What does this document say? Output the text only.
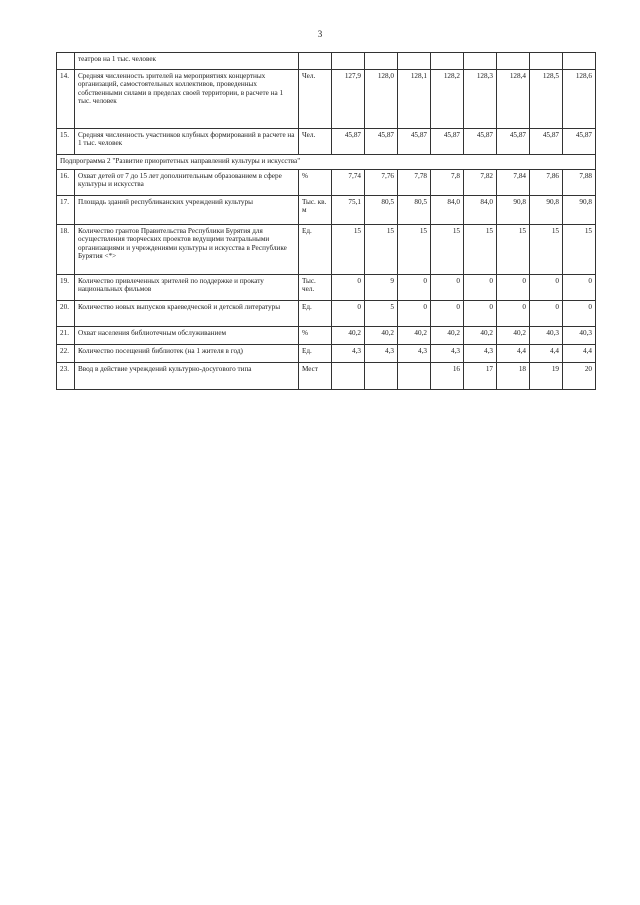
3
	театров на 1 тыс. человек									
14.	Средняя численность зрителей на мероприятиях концертных организаций, самостоятельных коллективов, проведенных собственными силами в пределах своей территории, в расчете на 1 тыс. человек	Чел.	127,9	128,0	128,1	128,2	128,3	128,4	128,5	128,6
15.	Средняя численность участников клубных формирований в расчете на 1 тыс. человек	Чел.	45,87	45,87	45,87	45,87	45,87	45,87	45,87	45,87
Подпрограмма 2 "Развитие приоритетных направлений культуры и искусства"										
16.	Охват детей от 7 до 15 лет дополнительным образованием в сфере культуры и искусства	%	7,74	7,76	7,78	7,8	7,82	7,84	7,86	7,88
17.	Площадь зданий республиканских учреждений культуры	Тыс. кв. м	75,1	80,5	80,5	84,0	84,0	90,8	90,8	90,8
18.	Количество грантов Правительства Республики Бурятия для осуществления творческих проектов ведущими театральными организациями и учреждениями культуры и искусства в Республике Бурятия <*>	Ед.	15	15	15	15	15	15	15	15
19.	Количество привлеченных зрителей по поддержке и прокату национальных фильмов	Тыс. чел.	0	9	0	0	0	0	0	0
20.	Количество новых выпусков краеведческой и детской литературы	Ед.	0	5	0	0	0	0	0	0
21.	Охват населения библиотечным обслуживанием	%	40,2	40,2	40,2	40,2	40,2	40,2	40,3	40,3
22.	Количество посещений библиотек (на 1 жителя в год)	Ед.	4,3	4,3	4,3	4,3	4,3	4,4	4,4	4,4
23.	Ввод в действие учреждений культурно-досугового типа	Мест				16	17	18	19	20
